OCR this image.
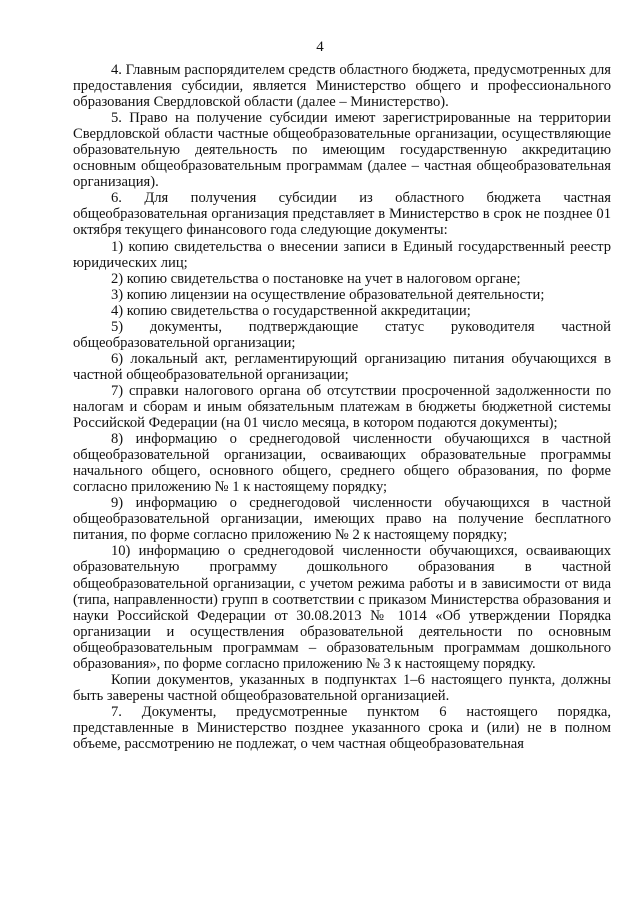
4

4. Главным распорядителем средств областного бюджета, предусмотренных для предоставления субсидии, является Министерство общего и профессионального образования Свердловской области (далее – Министерство).

5. Право на получение субсидии имеют зарегистрированные на территории Свердловской области частные общеобразовательные организации, осуществляющие образовательную деятельность по имеющим государственную аккредитацию основным общеобразовательным программам (далее – частная общеобразовательная организация).

6. Для получения субсидии из областного бюджета частная общеобразовательная организация представляет в Министерство в срок не позднее 01 октября текущего финансового года следующие документы:

1) копию свидетельства о внесении записи в Единый государственный реестр юридических лиц;

2) копию свидетельства о постановке на учет в налоговом органе;

3) копию лицензии на осуществление образовательной деятельности;

4) копию свидетельства о государственной аккредитации;

5) документы, подтверждающие статус руководителя частной общеобразовательной организации;

6) локальный акт, регламентирующий организацию питания обучающихся в частной общеобразовательной организации;

7) справки налогового органа об отсутствии просроченной задолженности по налогам и сборам и иным обязательным платежам в бюджеты бюджетной системы Российской Федерации (на 01 число месяца, в котором подаются документы);

8) информацию о среднегодовой численности обучающихся в частной общеобразовательной организации, осваивающих образовательные программы начального общего, основного общего, среднего общего образования, по форме согласно приложению № 1 к настоящему порядку;

9) информацию о среднегодовой численности обучающихся в частной общеобразовательной организации, имеющих право на получение бесплатного питания, по форме согласно приложению № 2 к настоящему порядку;

10) информацию о среднегодовой численности обучающихся, осваивающих образовательную программу дошкольного образования в частной общеобразовательной организации, с учетом режима работы и в зависимости от вида (типа, направленности) групп в соответствии с приказом Министерства образования и науки Российской Федерации от 30.08.2013 № 1014 «Об утверждении Порядка организации и осуществления образовательной деятельности по основным общеобразовательным программам – образовательным программам дошкольного образования», по форме согласно приложению № 3 к настоящему порядку.

Копии документов, указанных в подпунктах 1–6 настоящего пункта, должны быть заверены частной общеобразовательной организацией.

7. Документы, предусмотренные пунктом 6 настоящего порядка, представленные в Министерство позднее указанного срока и (или) не в полном объеме, рассмотрению не подлежат, о чем частная общеобразовательная
